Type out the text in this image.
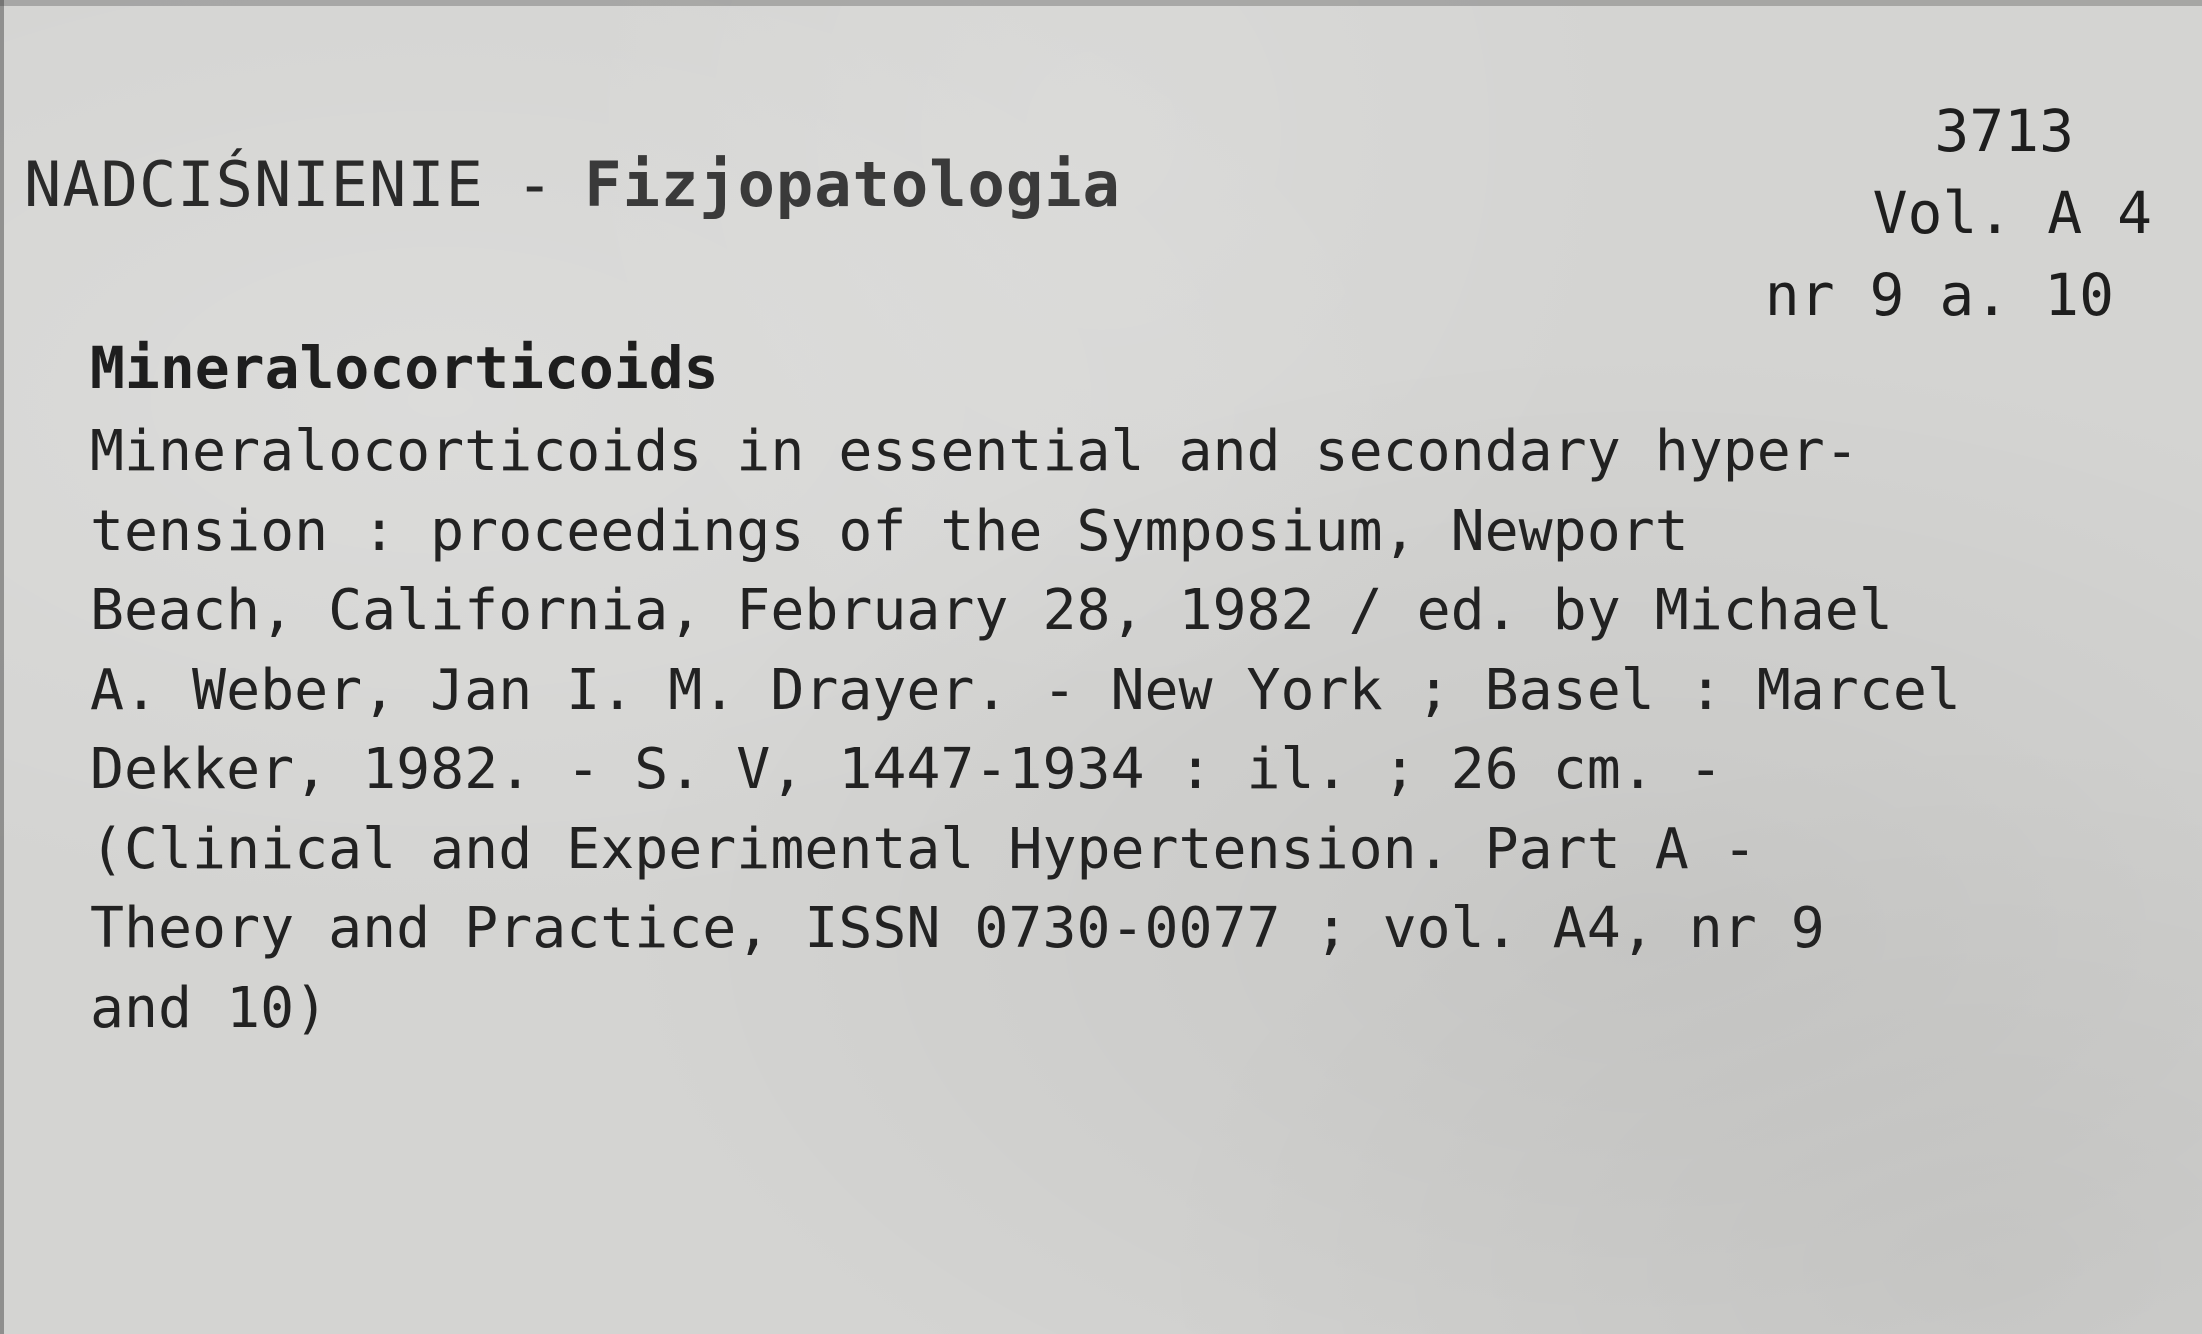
NADCIŚNIENIE - Fizjopatologia
3713
Vol. A 4
nr 9 a. 10
Mineralocorticoids
Mineralocorticoids in essential and secondary hyper-
tension : proceedings of the Symposium, Newport
Beach, California, February 28, 1982 / ed. by Michael
A. Weber, Jan I. M. Drayer. - New York ; Basel : Marcel
Dekker, 1982. - S. V, 1447-1934 : il. ; 26 cm. -
(Clinical and Experimental Hypertension. Part A -
Theory and Practice, ISSN 0730-0077 ; vol. A4, nr 9
and 10)
